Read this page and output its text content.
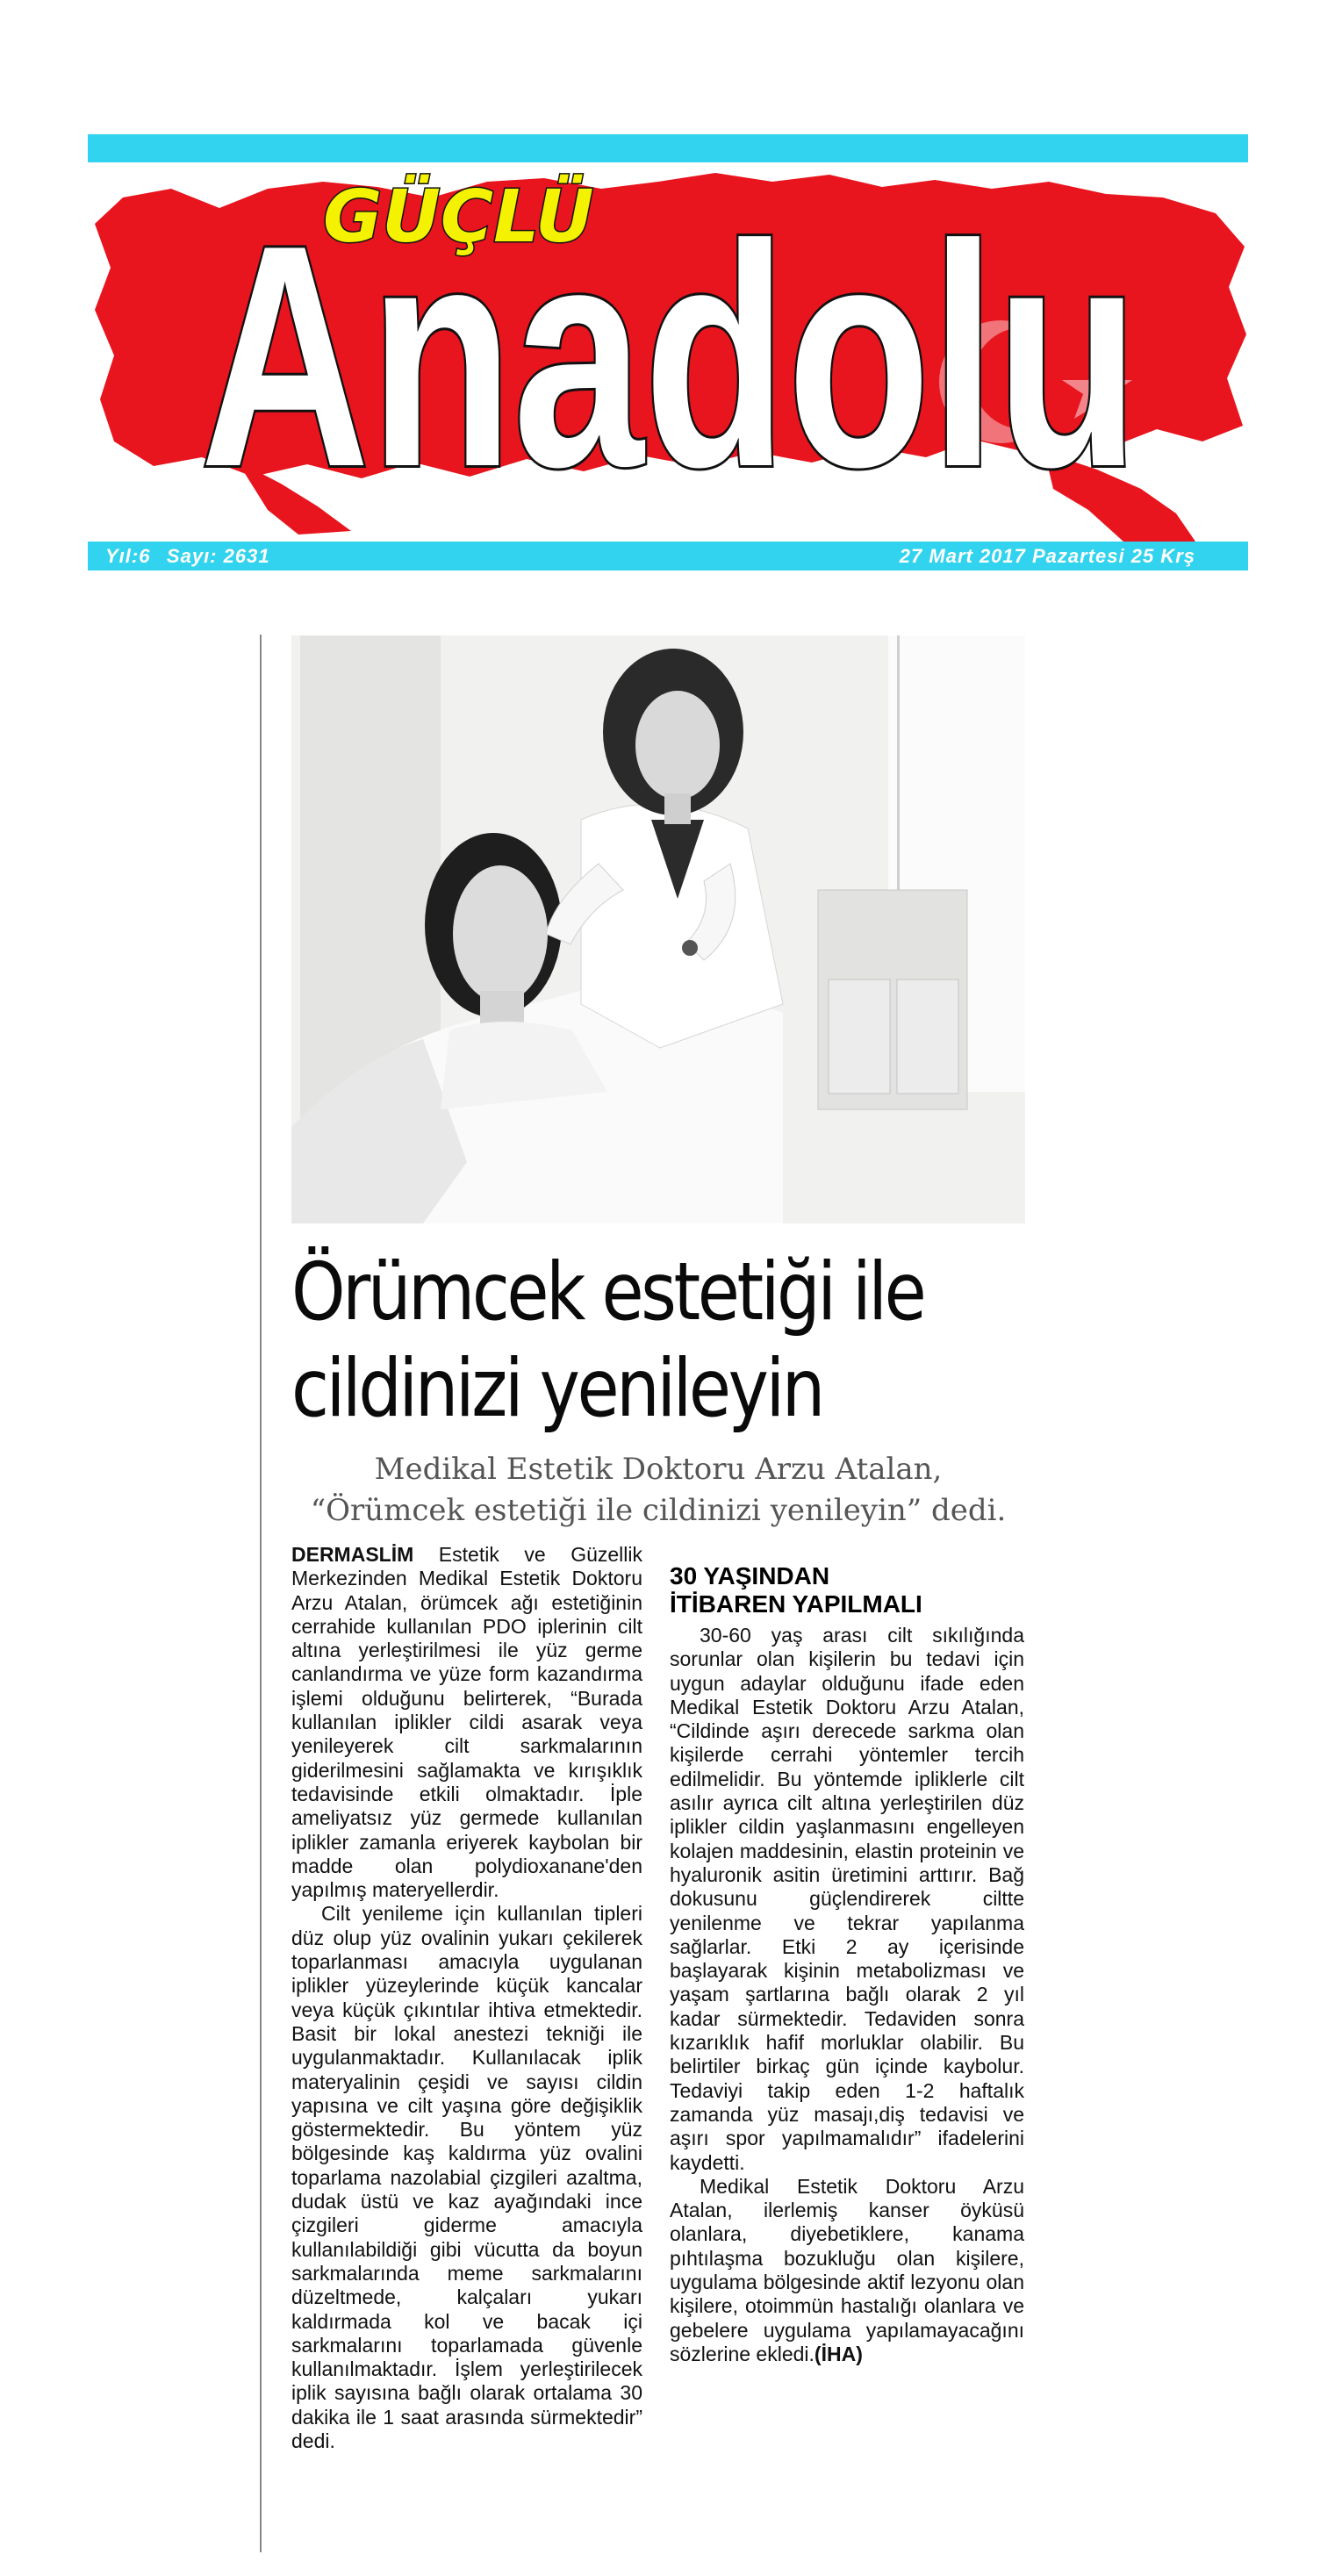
GÜÇLÜ
Anadolu
Yıl:6 Sayı: 2631	27 Mart 2017 Pazartesi 25 Krş
Örümcek estetiği ile
cildinizi yenileyin

Medikal Estetik Doktoru Arzu Atalan,
“Örümcek estetiği ile cildinizi yenileyin” dedi.

DERMASLİM Estetik ve Güzellik Merkezinden Medikal Estetik Doktoru Arzu Atalan, örümcek ağı estetiğinin cerrahide kullanılan PDO iplerinin cilt altına yerleştirilmesi ile yüz germe canlandırma ve yüze form kazandırma işlemi olduğunu belirterek, “Burada kullanılan iplikler cildi asarak veya yenileyerek cilt sarkmalarının giderilmesini sağlamakta ve kırışıklık tedavisinde etkili olmaktadır. İple ameliyatsız yüz germede kullanılan iplikler zamanla eriyerek kaybolan bir madde olan polydioxanane'den yapılmış materyellerdir.

Cilt yenileme için kullanılan tipleri düz olup yüz ovalinin yukarı çekilerek toparlanması amacıyla uygulanan iplikler yüzeylerinde küçük kancalar veya küçük çıkıntılar ihtiva etmektedir. Basit bir lokal anestezi tekniği ile uygulanmaktadır. Kullanılacak iplik materyalinin çeşidi ve sayısı cildin yapısına ve cilt yaşına göre değişiklik göstermektedir. Bu yöntem yüz bölgesinde kaş kaldırma yüz ovalini toparlama nazolabial çizgileri azaltma, dudak üstü ve kaz ayağındaki ince çizgileri giderme amacıyla kullanılabildiği gibi vücutta da boyun sarkmalarında meme sarkmalarını düzeltmede, kalçaları yukarı kaldırmada kol ve bacak içi sarkmalarını toparlamada güvenle kullanılmaktadır. İşlem yerleştirilecek iplik sayısına bağlı olarak ortalama 30 dakika ile 1 saat arasında sürmektedir” dedi.

30 YAŞINDAN
İTİBAREN YAPILMALI

30-60 yaş arası cilt sıkılığında sorunlar olan kişilerin bu tedavi için uygun adaylar olduğunu ifade eden Medikal Estetik Doktoru Arzu Atalan, “Cildinde aşırı derecede sarkma olan kişilerde cerrahi yöntemler tercih edilmelidir. Bu yöntemde ipliklerle cilt asılır ayrıca cilt altına yerleştirilen düz iplikler cildin yaşlanmasını engelleyen kolajen maddesinin, elastin proteinin ve hyaluronik asitin üretimini arttırır. Bağ dokusunu güçlendirerek ciltte yenilenme ve tekrar yapılanma sağlarlar. Etki 2 ay içerisinde başlayarak kişinin metabolizması ve yaşam şartlarına bağlı olarak 2 yıl kadar sürmektedir. Tedaviden sonra kızarıklık hafif morluklar olabilir. Bu belirtiler birkaç gün içinde kaybolur. Tedaviyi takip eden 1-2 haftalık zamanda yüz masajı,diş tedavisi ve aşırı spor yapılmamalıdır” ifadelerini kaydetti.

Medikal Estetik Doktoru Arzu Atalan, ilerlemiş kanser öyküsü olanlara, diyebetiklere, kanama pıhtılaşma bozukluğu olan kişilere, uygulama bölgesinde aktif lezyonu olan kişilere, otoimmün hastalığı olanlara ve gebelere uygulama yapılamayacağını sözlerine ekledi.(İHA)
